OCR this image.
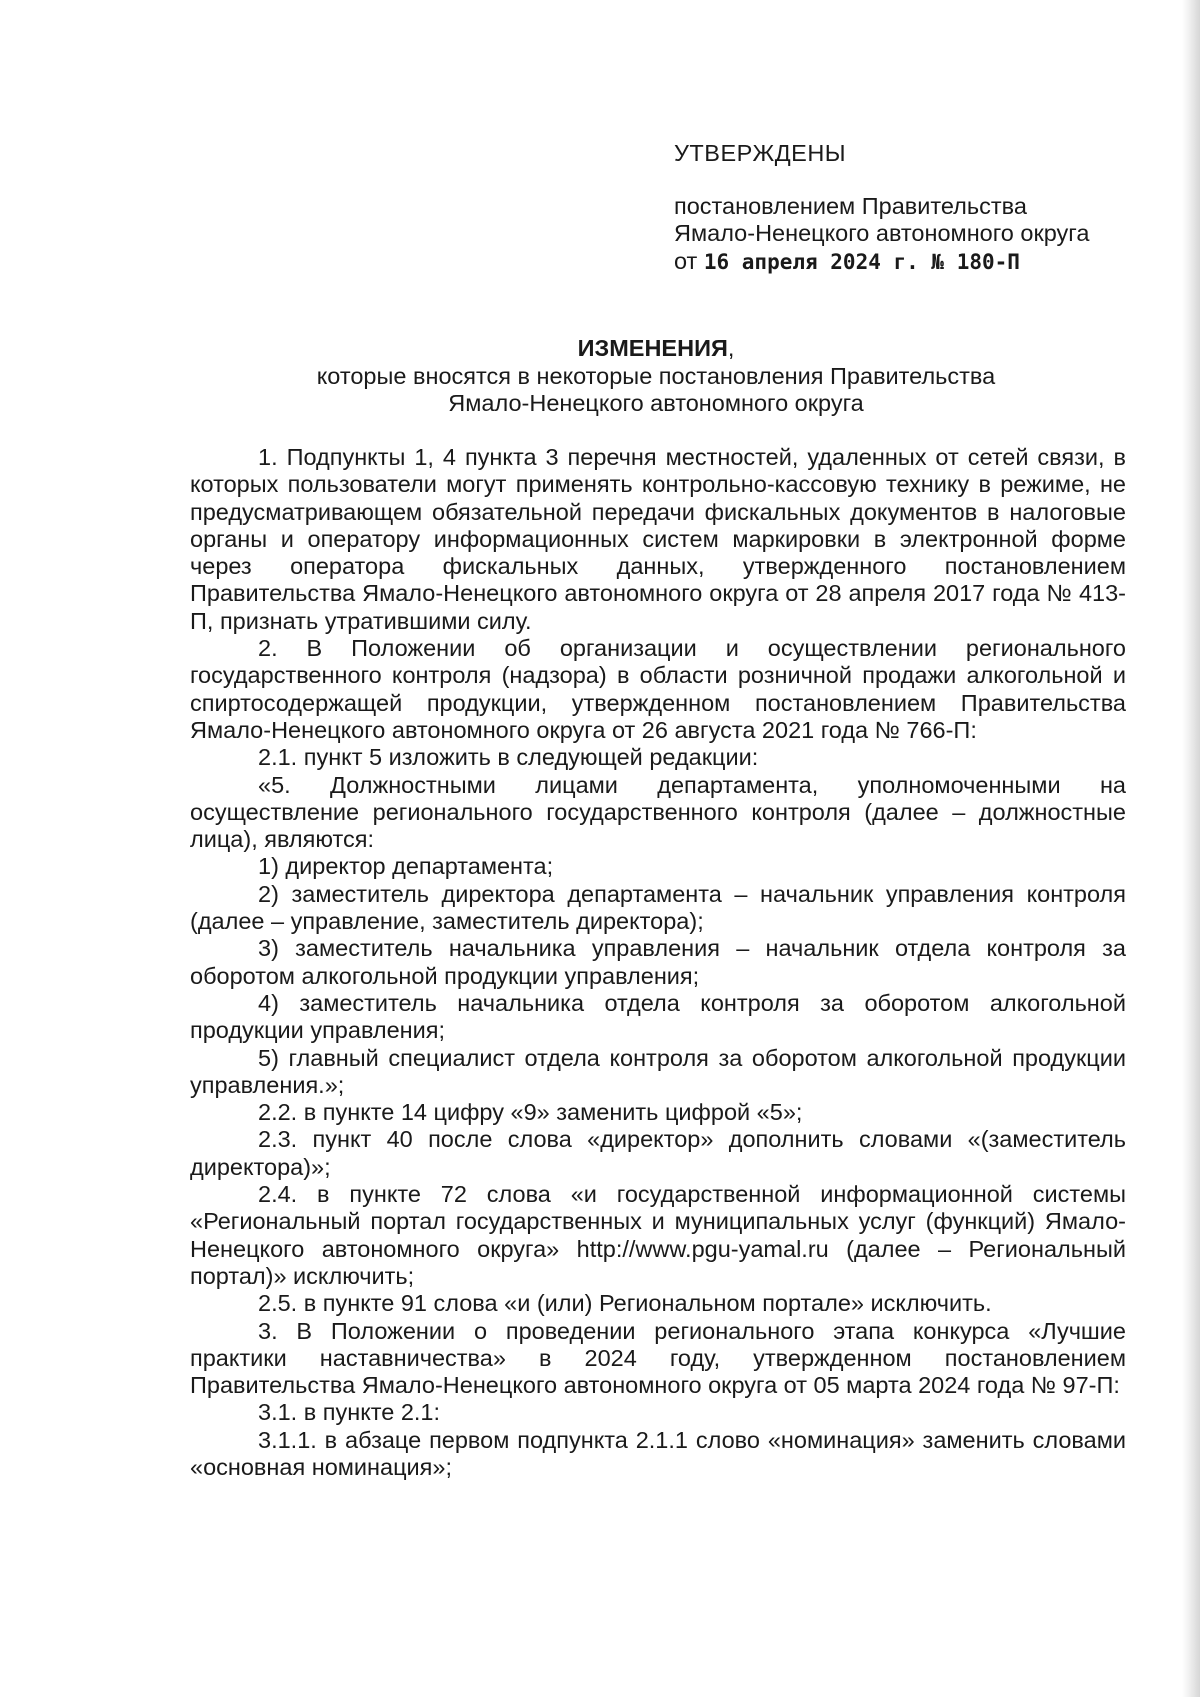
УТВЕРЖДЕНЫ
постановлением Правительства
Ямало-Ненецкого автономного округа
от 16 апреля 2024 г. № 180-П
ИЗМЕНЕНИЯ,
которые вносятся в некоторые постановления Правительства
Ямало-Ненецкого автономного округа

1. Подпункты 1, 4 пункта 3 перечня местностей, удаленных от сетей связи, в которых пользователи могут применять контрольно-кассовую технику в режиме, не предусматривающем обязательной передачи фискальных документов в налоговые органы и оператору информационных систем маркировки в электронной форме через оператора фискальных данных, утвержденного постановлением Правительства Ямало-Ненецкого автономного округа от 28 апреля 2017 года № 413-П, признать утратившими силу.

2. В Положении об организации и осуществлении регионального государственного контроля (надзора) в области розничной продажи алкогольной и спиртосодержащей продукции, утвержденном постановлением Правительства Ямало-Ненецкого автономного округа от 26 августа 2021 года № 766-П:

2.1. пункт 5 изложить в следующей редакции:

«5. Должностными лицами департамента, уполномоченными на осуществление регионального государственного контроля (далее – должностные лица), являются:

1) директор департамента;

2) заместитель директора департамента – начальник управления контроля (далее – управление, заместитель директора);

3) заместитель начальника управления – начальник отдела контроля за оборотом алкогольной продукции управления;

4) заместитель начальника отдела контроля за оборотом алкогольной продукции управления;

5) главный специалист отдела контроля за оборотом алкогольной продукции управления.»;

2.2. в пункте 14 цифру «9» заменить цифрой «5»;

2.3. пункт 40 после слова «директор» дополнить словами «(заместитель директора)»;

2.4. в пункте 72 слова «и государственной информационной системы «Региональный портал государственных и муниципальных услуг (функций) Ямало-Ненецкого автономного округа» http://www.pgu-yamal.ru (далее – Региональный портал)» исключить;

2.5. в пункте 91 слова «и (или) Региональном портале» исключить.

3. В Положении о проведении регионального этапа конкурса «Лучшие практики наставничества» в 2024 году, утвержденном постановлением Правительства Ямало-Ненецкого автономного округа от 05 марта 2024 года № 97-П:

3.1. в пункте 2.1:

3.1.1. в абзаце первом подпункта 2.1.1 слово «номинация» заменить словами «основная номинация»;
